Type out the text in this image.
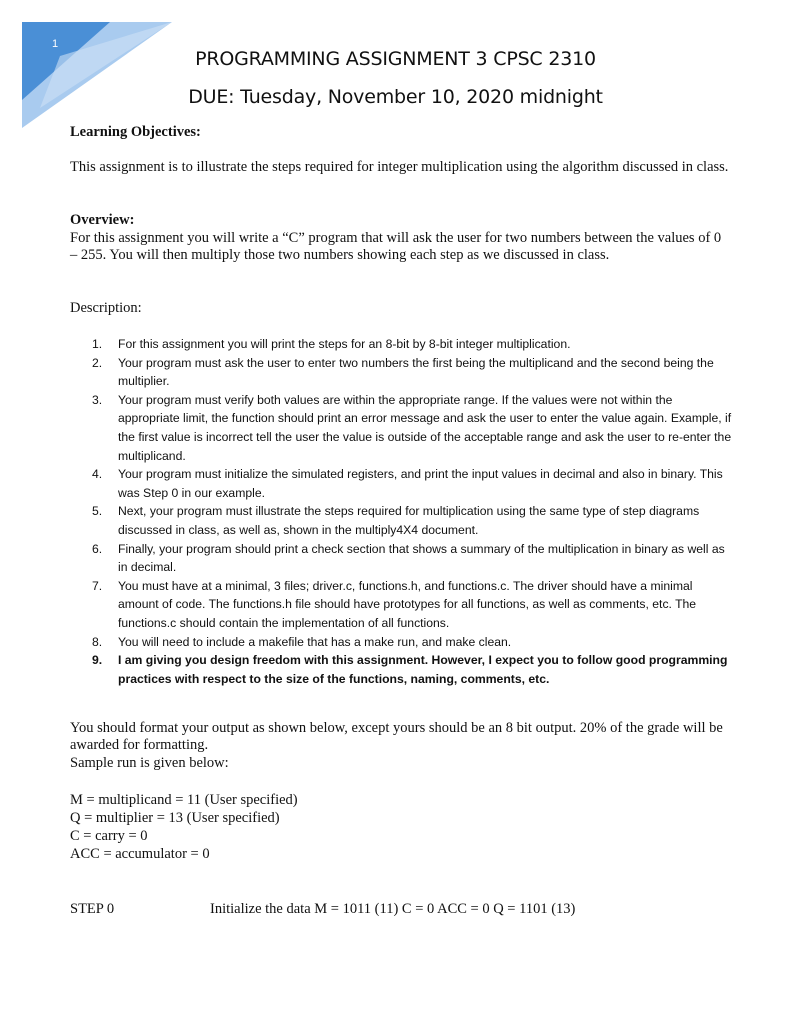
1
PROGRAMMING ASSIGNMENT 3 CPSC 2310
DUE: Tuesday, November 10, 2020 midnight
Learning Objectives:
This assignment is to illustrate the steps required for integer multiplication using the algorithm discussed in class.
Overview:
For this assignment you will write a “C” program that will ask the user for two numbers between the values of 0 – 255. You will then multiply those two numbers showing each step as we discussed in class.
Description:
1. For this assignment you will print the steps for an 8-bit by 8-bit integer multiplication.
2. Your program must ask the user to enter two numbers the first being the multiplicand and the second being the multiplier.
3. Your program must verify both values are within the appropriate range. If the values were not within the appropriate limit, the function should print an error message and ask the user to enter the value again. Example, if the first value is incorrect tell the user the value is outside of the acceptable range and ask the user to re-enter the multiplicand.
4. Your program must initialize the simulated registers, and print the input values in decimal and also in binary. This was Step 0 in our example.
5. Next, your program must illustrate the steps required for multiplication using the same type of step diagrams discussed in class, as well as, shown in the multiply4X4 document.
6. Finally, your program should print a check section that shows a summary of the multiplication in binary as well as in decimal.
7. You must have at a minimal, 3 files; driver.c, functions.h, and functions.c. The driver should have a minimal amount of code. The functions.h file should have prototypes for all functions, as well as comments, etc. The functions.c should contain the implementation of all functions.
8. You will need to include a makefile that has a make run, and make clean.
9. I am giving you design freedom with this assignment. However, I expect you to follow good programming practices with respect to the size of the functions, naming, comments, etc.
You should format your output as shown below, except yours should be an 8 bit output. 20% of the grade will be awarded for formatting.
Sample run is given below:
M = multiplicand = 11 (User specified)
Q = multiplier = 13 (User specified)
C = carry = 0
ACC = accumulator = 0
STEP 0	Initialize the data M = 1011 (11) C = 0 ACC = 0 Q = 1101 (13)
